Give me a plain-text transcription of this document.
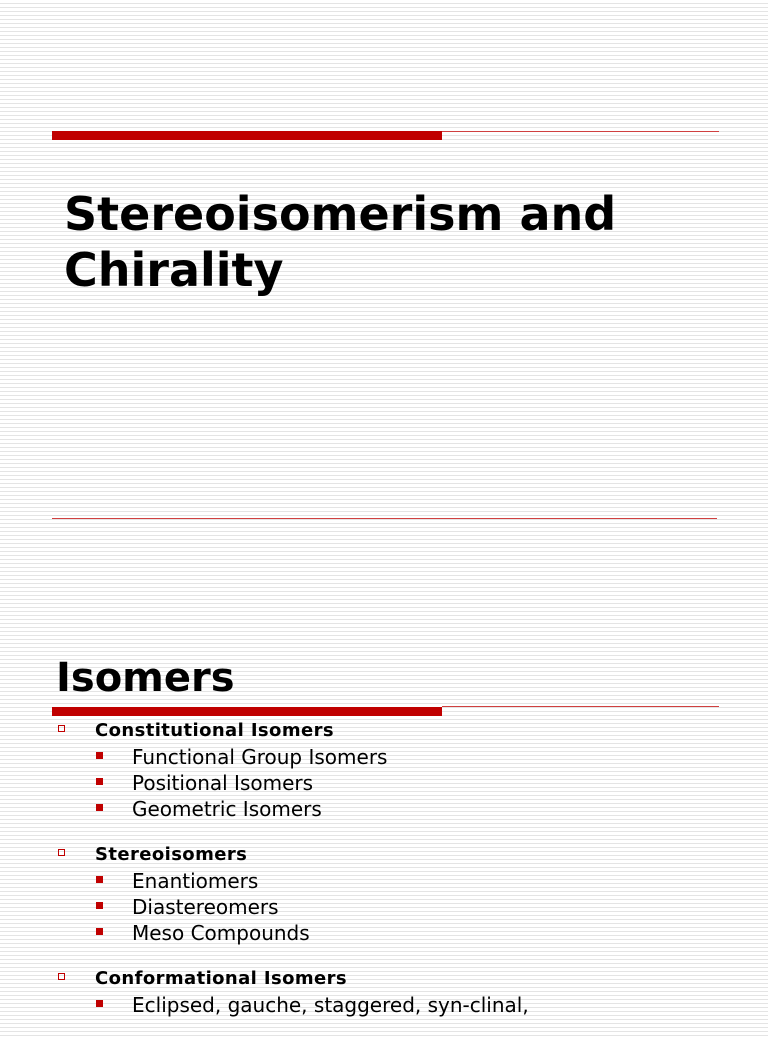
Stereoisomerism and
Chirality
Isomers
Constitutional Isomers
Functional Group Isomers
Positional Isomers
Geometric Isomers
Stereoisomers
Enantiomers
Diastereomers
Meso Compounds
Conformational Isomers
Eclipsed, gauche, staggered, syn-clinal,
